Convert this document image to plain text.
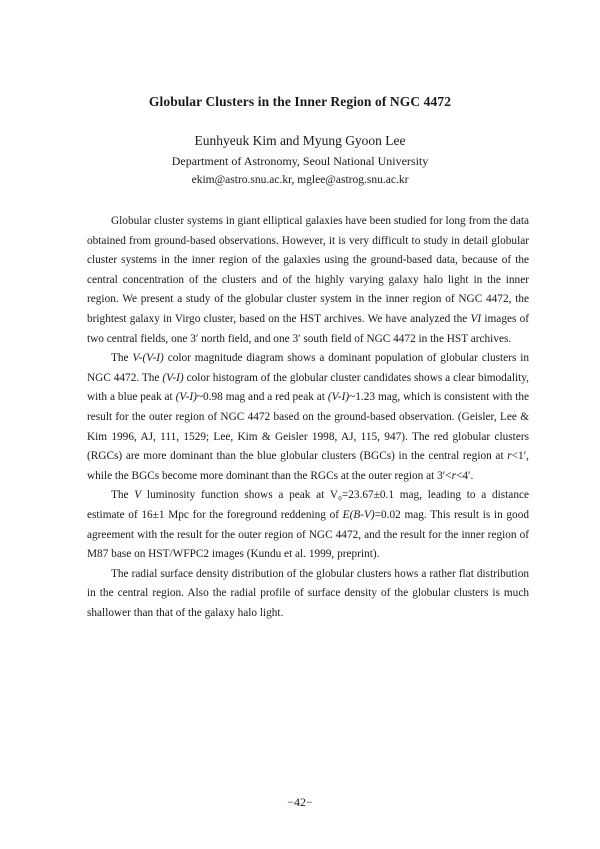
Globular Clusters in the Inner Region of NGC 4472
Eunhyeuk Kim and Myung Gyoon Lee
Department of Astronomy, Seoul National University
ekim@astro.snu.ac.kr, mglee@astrog.snu.ac.kr

Globular cluster systems in giant elliptical galaxies have been studied for long from the data obtained from ground-based observations. However, it is very difficult to study in detail globular cluster systems in the inner region of the galaxies using the ground-based data, because of the central concentration of the clusters and of the highly varying galaxy halo light in the inner region. We present a study of the globular cluster system in the inner region of NGC 4472, the brightest galaxy in Virgo cluster, based on the HST archives. We have analyzed the VI images of two central fields, one 3′ north field, and one 3′ south field of NGC 4472 in the HST archives.

The V-(V-I) color magnitude diagram shows a dominant population of globular clusters in NGC 4472. The (V-I) color histogram of the globular cluster candidates shows a clear bimodality, with a blue peak at (V-I)~0.98 mag and a red peak at (V-I)~1.23 mag, which is consistent with the result for the outer region of NGC 4472 based on the ground-based observation. (Geisler, Lee & Kim 1996, AJ, 111, 1529; Lee, Kim & Geisler 1998, AJ, 115, 947). The red globular clusters (RGCs) are more dominant than the blue globular clusters (BGCs) in the central region at r<1′, while the BGCs become more dominant than the RGCs at the outer region at 3′<r<4′.

The V luminosity function shows a peak at V₀=23.67±0.1 mag, leading to a distance estimate of 16±1 Mpc for the foreground reddening of E(B-V)=0.02 mag. This result is in good agreement with the result for the outer region of NGC 4472, and the result for the inner region of M87 base on HST/WFPC2 images (Kundu et al. 1999, preprint).

The radial surface density distribution of the globular clusters hows a rather flat distribution in the central region. Also the radial profile of surface density of the globular clusters is much shallower than that of the galaxy halo light.

−42−
